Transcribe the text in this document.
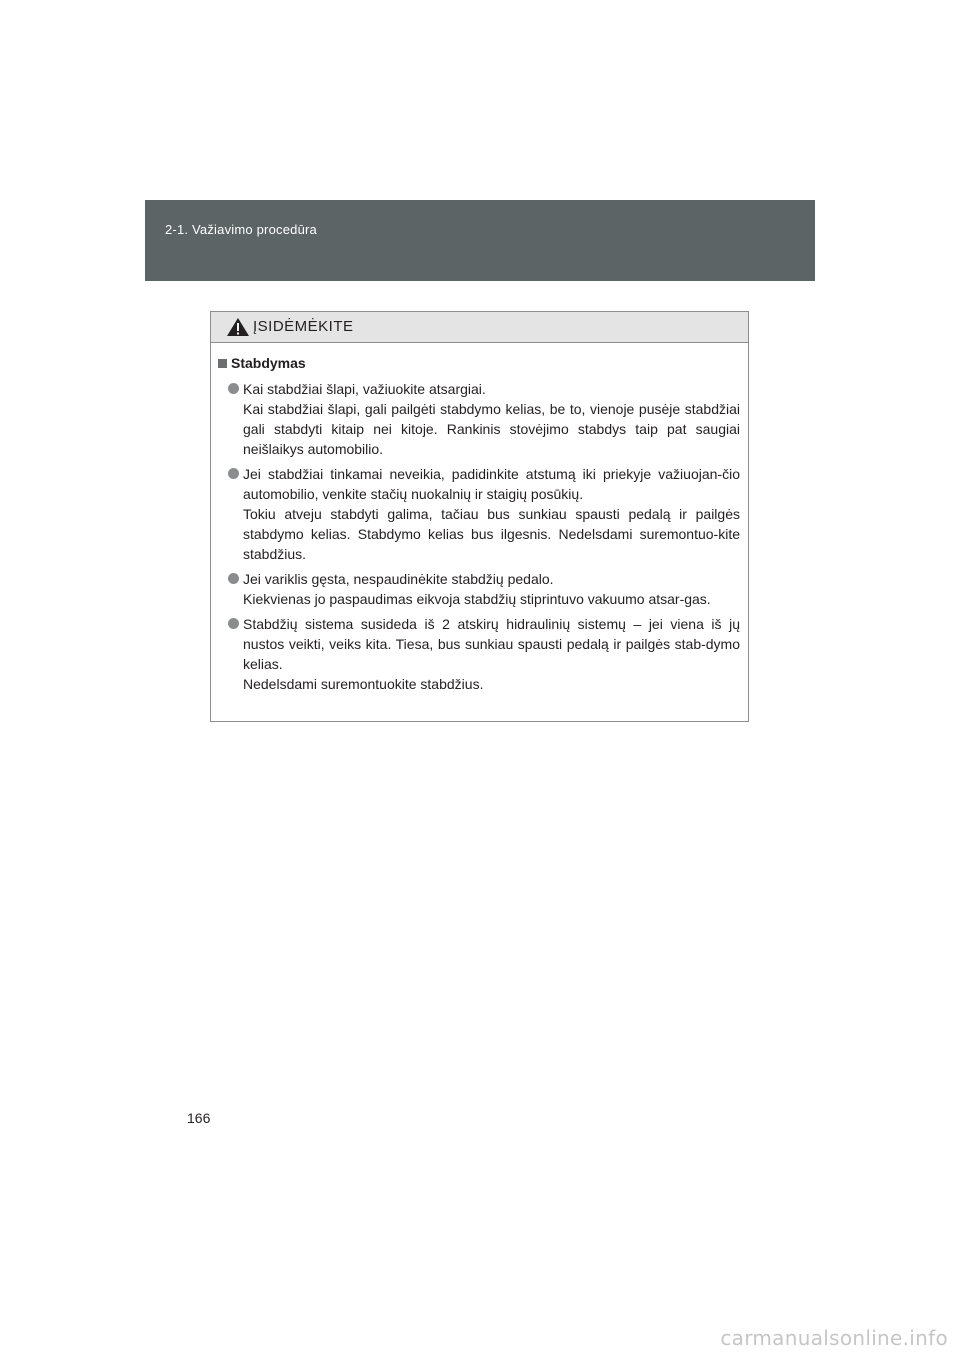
2-1. Važiavimo procedūra
ĮSIDĖMĖKITE
Stabdymas

Kai stabdžiai šlapi, važiuokite atsargiai.

Kai stabdžiai šlapi, gali pailgėti stabdymo kelias, be to, vienoje pusėje stabdžiai gali stabdyti kitaip nei kitoje. Rankinis stovėjimo stabdys taip pat saugiai neišlaikys automobilio.

Jei stabdžiai tinkamai neveikia, padidinkite atstumą iki priekyje važiuojan-čio automobilio, venkite stačių nuokalnių ir staigių posūkių.

Tokiu atveju stabdyti galima, tačiau bus sunkiau spausti pedalą ir pailgės stabdymo kelias. Stabdymo kelias bus ilgesnis. Nedelsdami suremontuo-kite stabdžius.

Jei variklis gęsta, nespaudinėkite stabdžių pedalo.

Kiekvienas jo paspaudimas eikvoja stabdžių stiprintuvo vakuumo atsar-gas.

Stabdžių sistema susideda iš 2 atskirų hidraulinių sistemų – jei viena iš jų nustos veikti, veiks kita. Tiesa, bus sunkiau spausti pedalą ir pailgės stab-dymo kelias.

Nedelsdami suremontuokite stabdžius.

166
carmanualsonline.info
